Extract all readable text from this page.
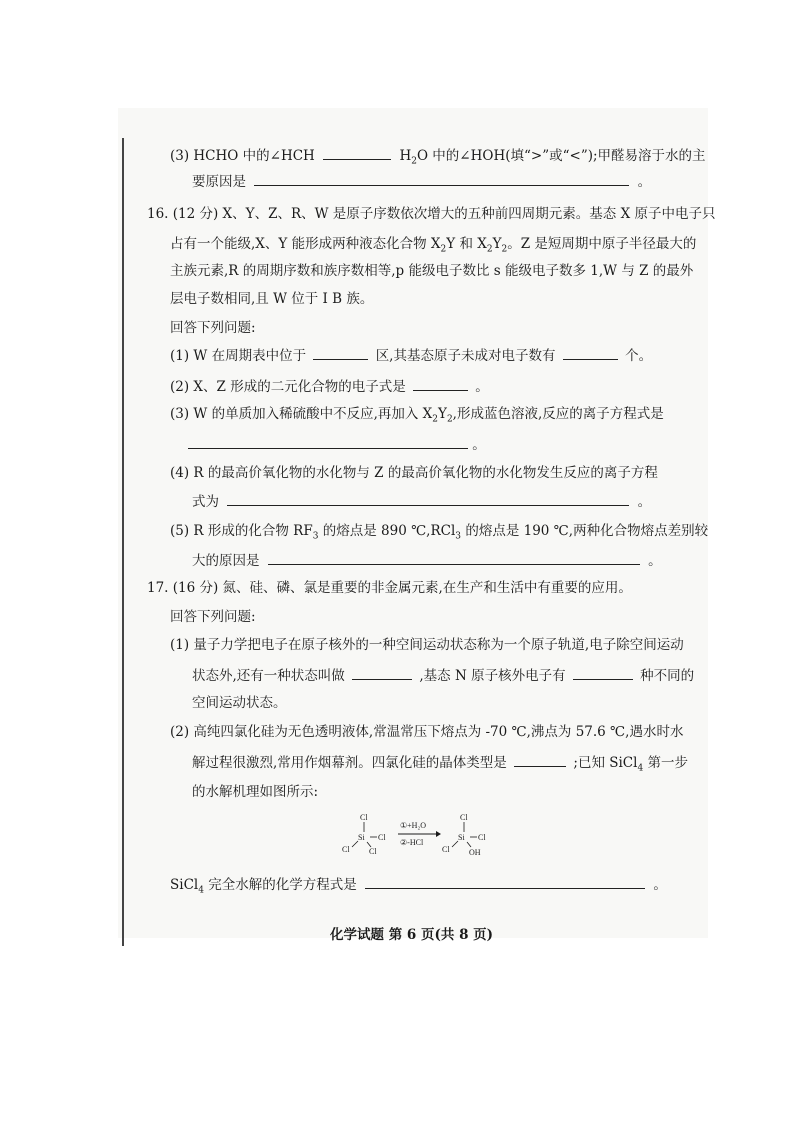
(3) HCHO 中的∠HCH	$H_2O$ 中的∠HOH(填“>”或“<”);甲醛易溶于水的主
要原因是	。
16. (12 分) X、Y、Z、R、W 是原子序数依次增大的五种前四周期元素。基态 X 原子中电子只
占有一个能级,X、Y 能形成两种液态化合物 $X_2Y$ 和 $X_2Y_2$。Z 是短周期中原子半径最大的
主族元素,R 的周期序数和族序数相等,p 能级电子数比 s 能级电子数多 1,W 与 Z 的最外
层电子数相同,且 W 位于 I B 族。
回答下列问题:
(1) W 在周期表中位于	区,其基态原子未成对电子数有	个。
(2) X、Z 形成的二元化合物的电子式是	。
(3) W 的单质加入稀硫酸中不反应,再加入 $X_2Y_2$,形成蓝色溶液,反应的离子方程式是
。
(4) R 的最高价氧化物的水化物与 Z 的最高价氧化物的水化物发生反应的离子方程
式为	。
(5) R 形成的化合物 $RF_3$ 的熔点是 890 ℃,RCl$_3$ 的熔点是 190 ℃,两种化合物熔点差别较
大的原因是	。
17. (16 分) 氮、硅、磷、氯是重要的非金属元素,在生产和生活中有重要的应用。
回答下列问题:
(1) 量子力学把电子在原子核外的一种空间运动状态称为一个原子轨道,电子除空间运动
状态外,还有一种状态叫做	,基态 N 原子核外电子有	种不同的
空间运动状态。
(2) 高纯四氯化硅为无色透明液体,常温常压下熔点为 -70 ℃,沸点为 57.6 ℃,遇水时水
解过程很激烈,常用作烟幕剂。四氯化硅的晶体类型是	;已知 SiCl$_4$ 第一步
的水解机理如图所示:
Cl
Si Cl
Cl Cl
①+H₂O
②-HCl
Cl
Si Cl
Cl OH
SiCl$_4$ 完全水解的化学方程式是	。
化学试题 第 6 页(共 8 页)
